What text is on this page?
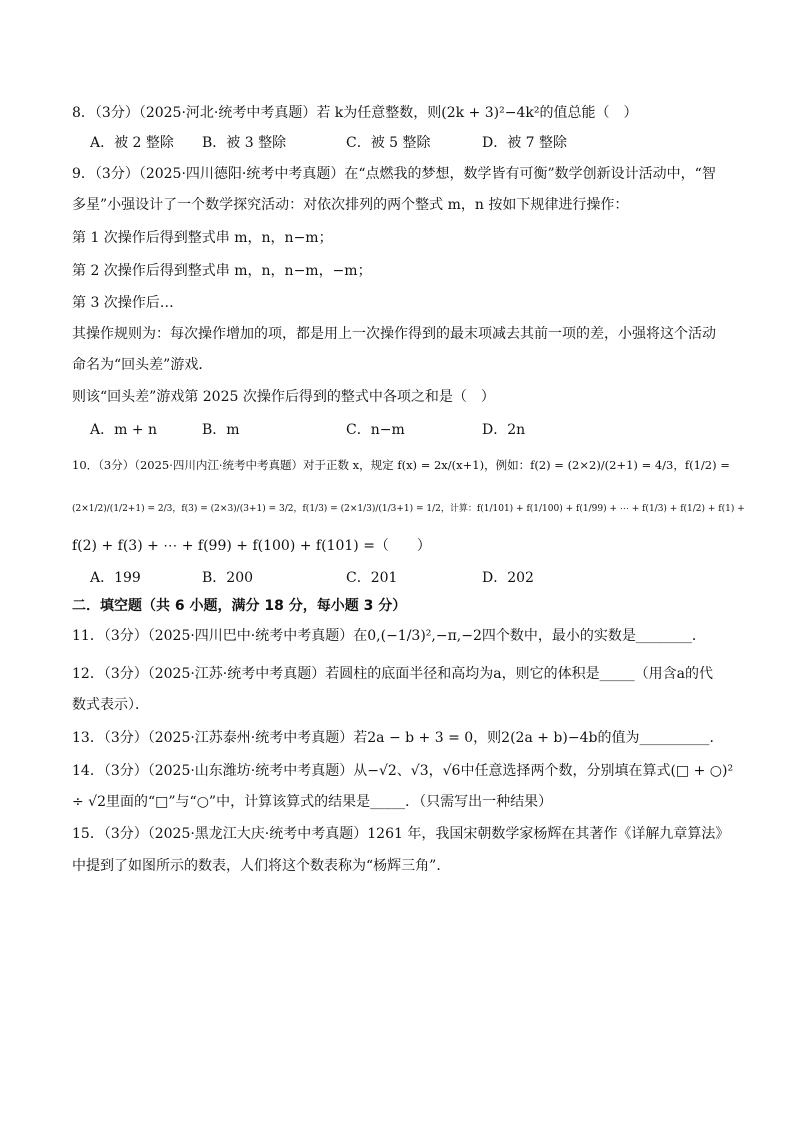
8．（3分）（2025·河北·统考中考真题）若 k为任意整数，则(2k + 3)²−4k²的值总能（　）
A．被 2 整除 B．被 3 整除	C．被 5 整除	D．被 7 整除
9．（3分）（2025·四川德阳·统考中考真题）在“点燃我的梦想，数学皆有可衡”数学创新设计活动中，“智
多星”小强设计了一个数学探究活动：对依次排列的两个整式 m，n 按如下规律进行操作：
第 1 次操作后得到整式串 m，n，n−m；
第 2 次操作后得到整式串 m，n，n−m，−m；
第 3 次操作后…
其操作规则为：每次操作增加的项，都是用上一次操作得到的最末项减去其前一项的差，小强将这个活动
命名为“回头差”游戏．
则该“回头差”游戏第 2025 次操作后得到的整式中各项之和是（　）
A．m + n	B．m	C．n−m	D．2n
10．（3分）（2025·四川内江·统考中考真题）对于正数 x，规定 f(x) = 2x/(x+1)，例如：f(2) = (2×2)/(2+1) = 4/3，f(1/2) =
(2×1/2)/(1/2+1) = 2/3，f(3) = (2×3)/(3+1) = 3/2，f(1/3) = (2×1/3)/(1/3+1) = 1/2，计算：f(1/101) + f(1/100) + f(1/99) + ⋯ + f(1/3) + f(1/2) + f(1) +
f(2) + f(3) + ⋯ + f(99) + f(100) + f(101) =（　　）
A．199	B．200	C．201	D．202
二．填空题（共 6 小题，满分 18 分，每小题 3 分）
11．（3分）（2025·四川巴中·统考中考真题）在0,(−1/3)²,−π,−2四个数中，最小的实数是________．
12．（3分）（2025·江苏·统考中考真题）若圆柱的底面半径和高均为a，则它的体积是_____（用含a的代
数式表示）．
13．（3分）（2025·江苏泰州·统考中考真题）若2a − b + 3 = 0，则2(2a + b)−4b的值为__________．
14．（3分）（2025·山东潍坊·统考中考真题）从−√2、√3，√6中任意选择两个数，分别填在算式(□ + ○)²
÷ √2里面的“□”与“○”中，计算该算式的结果是_____．（只需写出一种结果）
15．（3分）（2025·黑龙江大庆·统考中考真题）1261 年，我国宋朝数学家杨辉在其著作《详解九章算法》
中提到了如图所示的数表，人们将这个数表称为“杨辉三角”．
